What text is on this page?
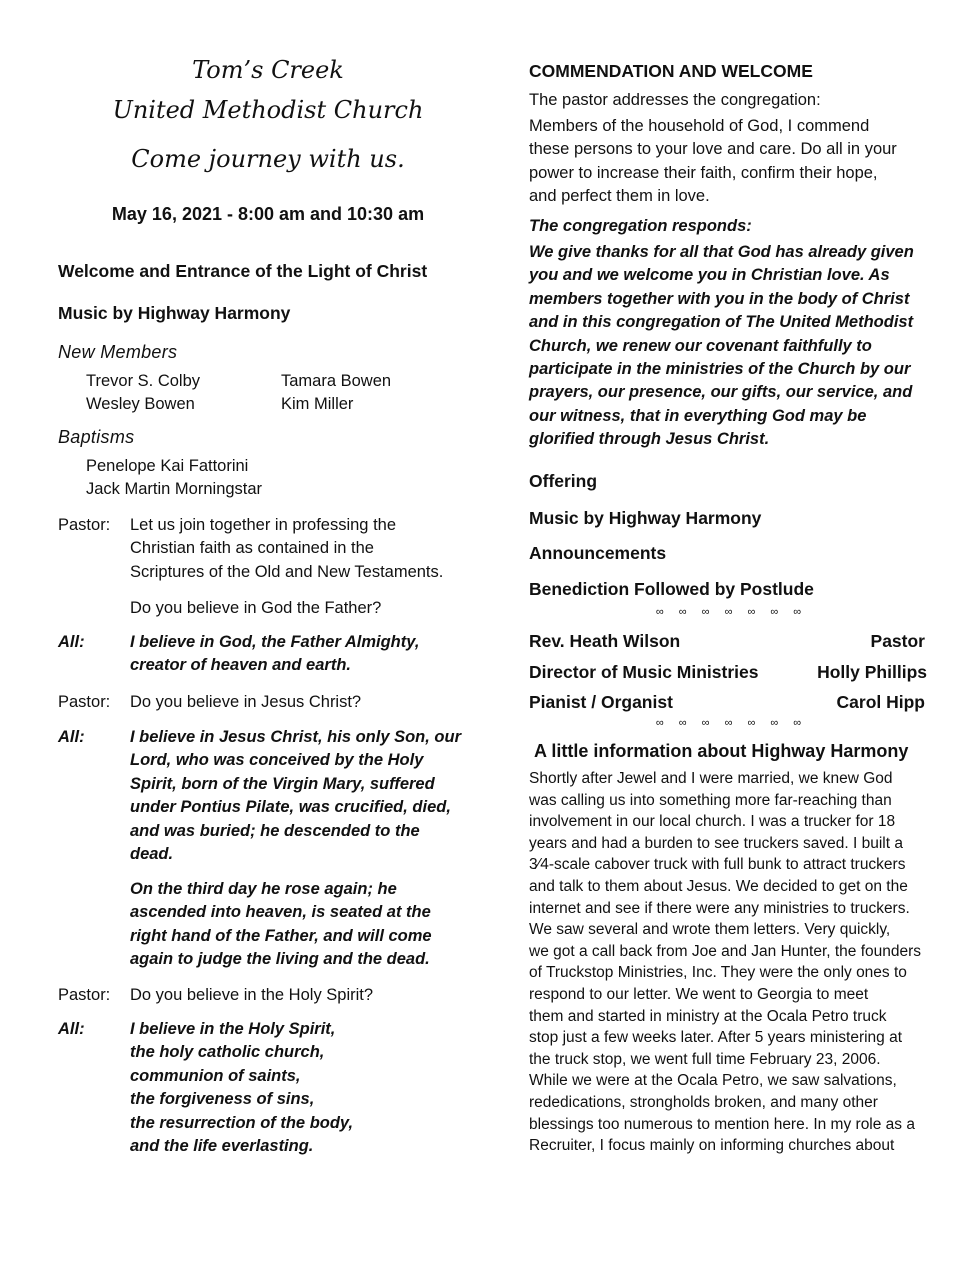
Tom’s Creek
United Methodist Church
Come journey with us.
May 16, 2021 - 8:00 am and 10:30 am
Welcome and Entrance of the Light of Christ
Music by Highway Harmony
New Members
Trevor S. Colby	Tamara Bowen
Wesley Bowen	Kim Miller
Baptisms
Penelope Kai Fattorini
Jack Martin Morningstar
Pastor: Let us join together in professing the
Christian faith as contained in the
Scriptures of the Old and New Testaments.
Do you believe in God the Father?
All:	I believe in God, the Father Almighty,
creator of heaven and earth.
Pastor: Do you believe in Jesus Christ?
All:	I believe in Jesus Christ, his only Son, our
Lord, who was conceived by the Holy
Spirit, born of the Virgin Mary, suffered
under Pontius Pilate, was crucified, died,
and was buried; he descended to the
dead.
On the third day he rose again; he
ascended into heaven, is seated at the
right hand of the Father, and will come
again to judge the living and the dead.
Pastor: Do you believe in the Holy Spirit?
All:	I believe in the Holy Spirit,
the holy catholic church,
communion of saints,
the forgiveness of sins,
the resurrection of the body,
and the life everlasting.
COMMENDATION AND WELCOME
The pastor addresses the congregation:
Members of the household of God, I commend
these persons to your love and care. Do all in your
power to increase their faith, confirm their hope,
and perfect them in love.
The congregation responds:
We give thanks for all that God has already given
you and we welcome you in Christian love. As
members together with you in the body of Christ
and in this congregation of The United Methodist
Church, we renew our covenant faithfully to
participate in the ministries of the Church by our
prayers, our presence, our gifts, our service, and
our witness, that in everything God may be
glorified through Jesus Christ.
Offering
Music by Highway Harmony
Announcements
Benediction Followed by Postlude
∞ ∞ ∞ ∞ ∞ ∞ ∞
Rev. Heath Wilson	Pastor
Director of Music Ministries	Holly Phillips
Pianist / Organist	Carol Hipp
∞ ∞ ∞ ∞ ∞ ∞ ∞
A little information about Highway Harmony
Shortly after Jewel and I were married, we knew God
was calling us into something more far-reaching than
involvement in our local church. I was a trucker for 18
years and had a burden to see truckers saved. I built a
3⁄4-scale cabover truck with full bunk to attract truckers
and talk to them about Jesus. We decided to get on the
internet and see if there were any ministries to truckers.
We saw several and wrote them letters. Very quickly,
we got a call back from Joe and Jan Hunter, the founders
of Truckstop Ministries, Inc. They were the only ones to
respond to our letter. We went to Georgia to meet
them and started in ministry at the Ocala Petro truck
stop just a few weeks later. After 5 years ministering at
the truck stop, we went full time February 23, 2006.
While we were at the Ocala Petro, we saw salvations,
rededications, strongholds broken, and many other
blessings too numerous to mention here. In my role as a
Recruiter, I focus mainly on informing churches about
